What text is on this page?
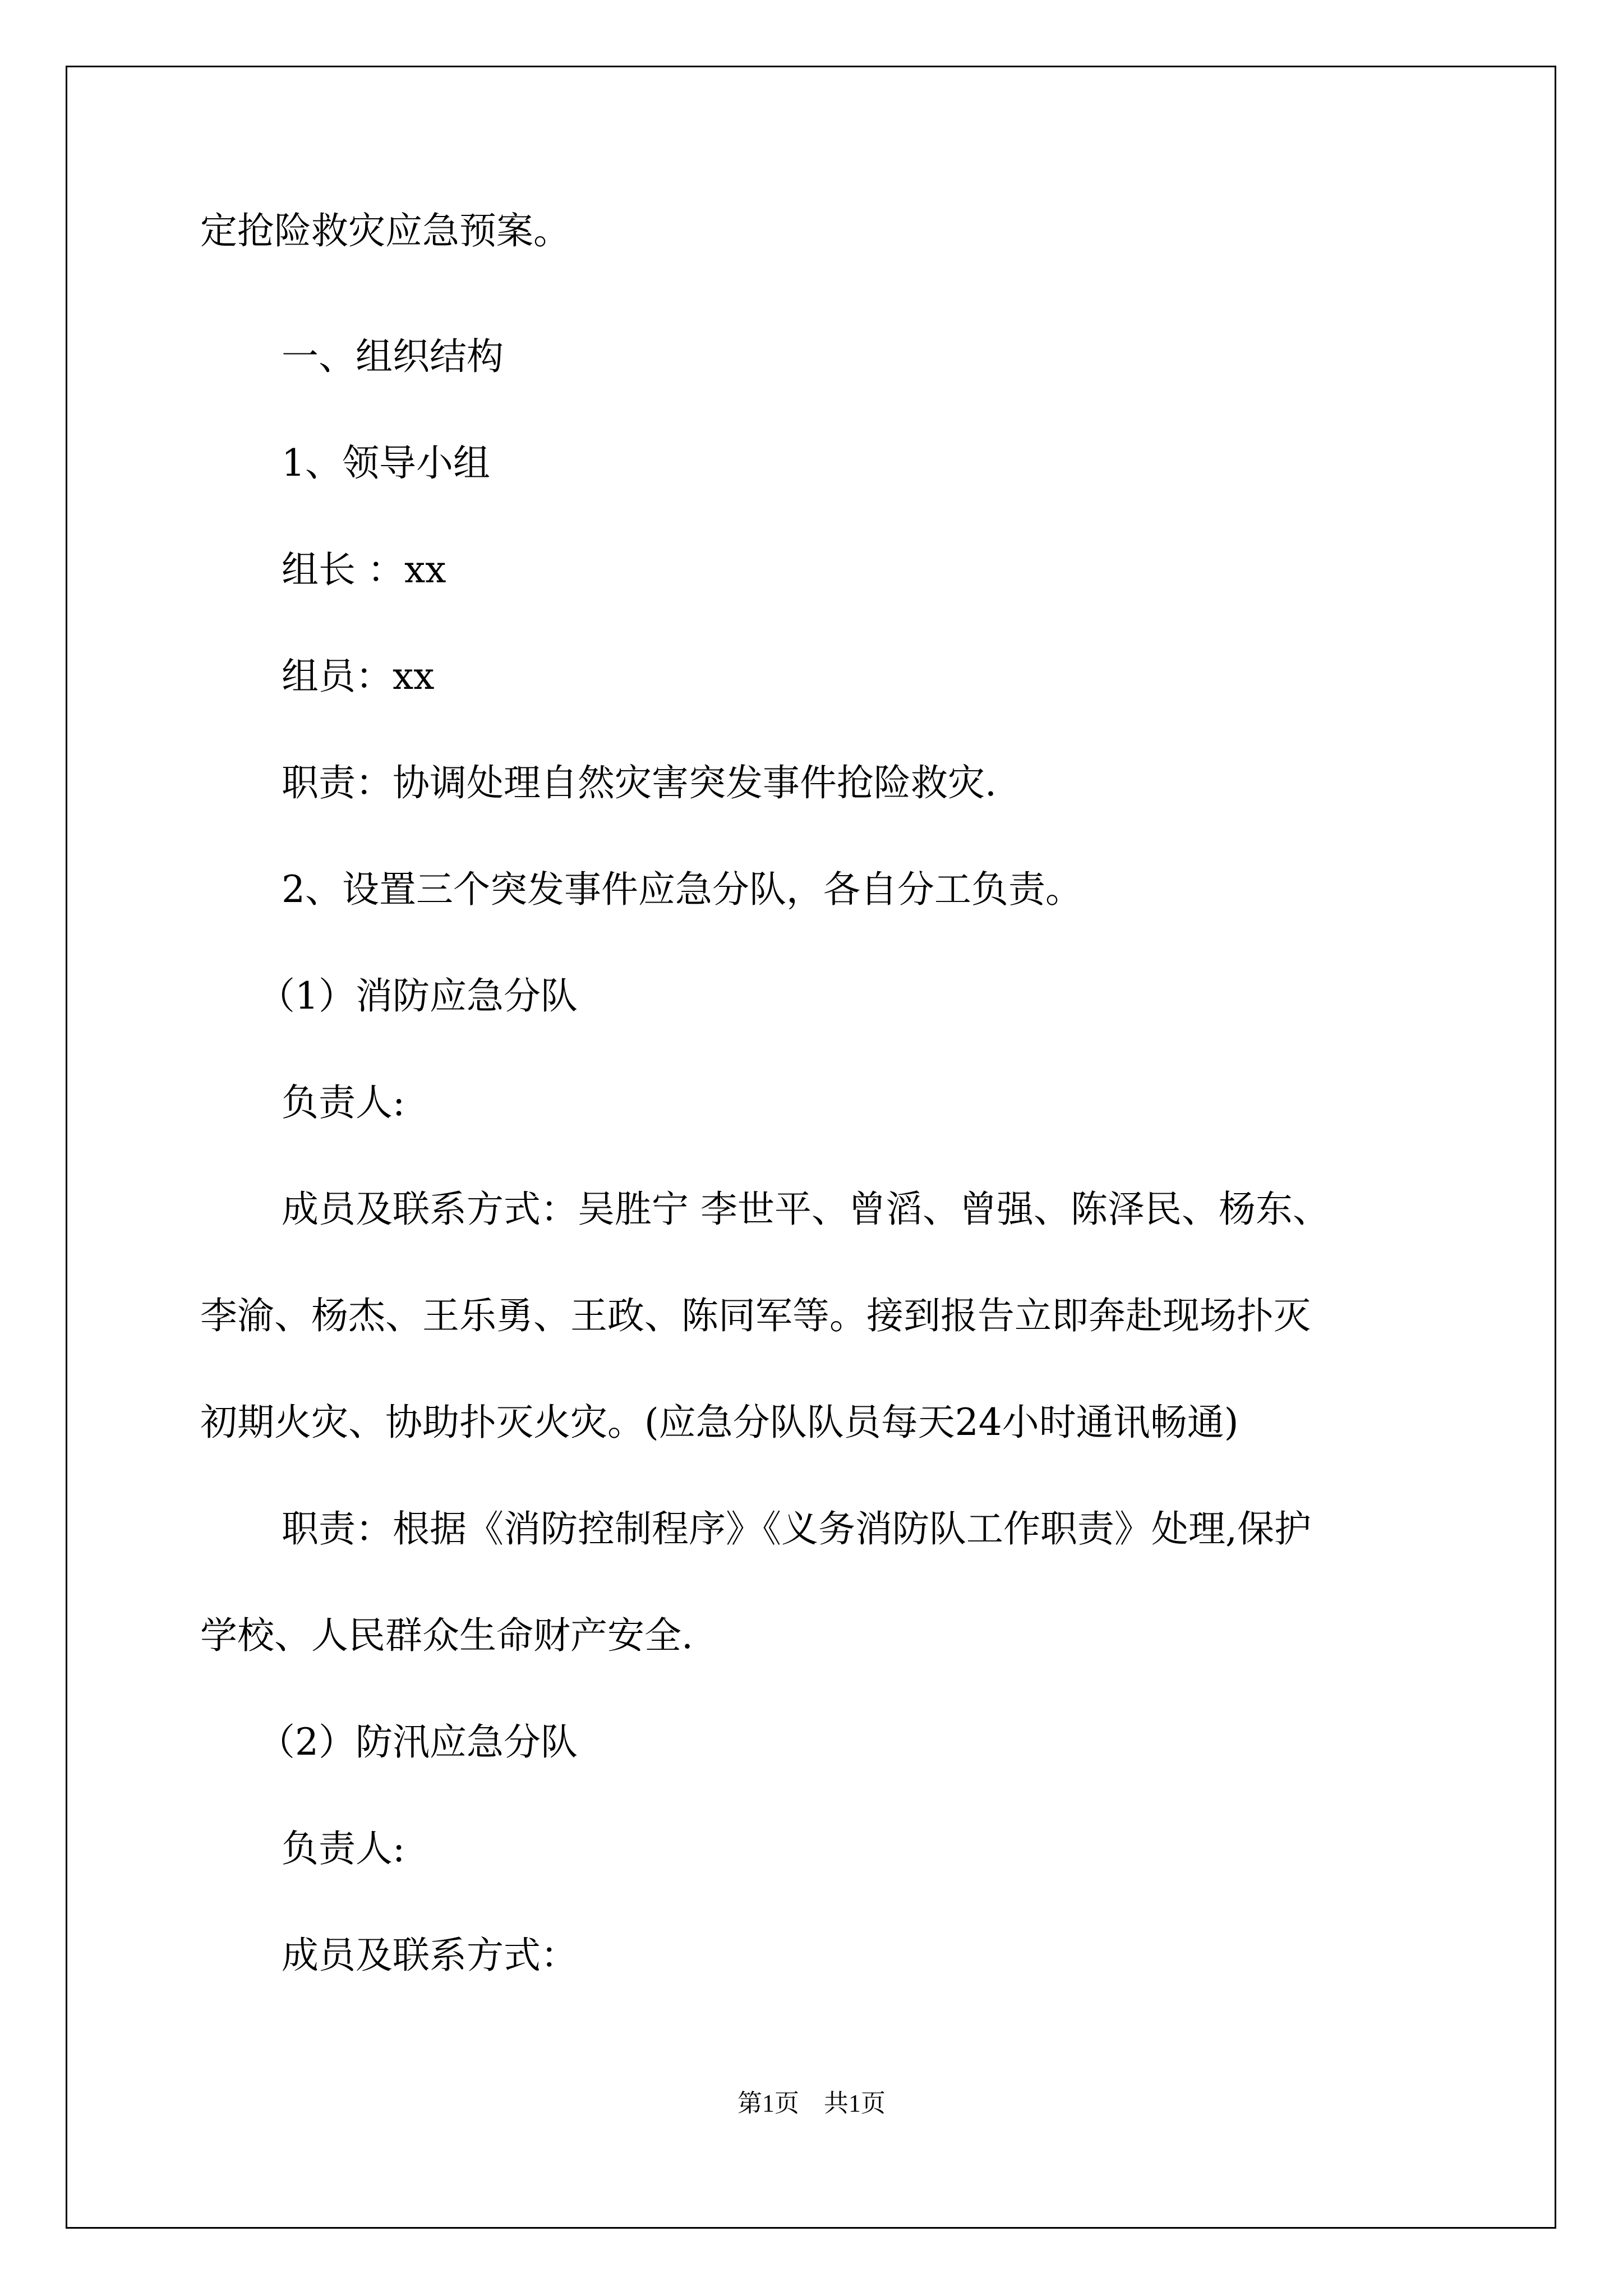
定抢险救灾应急预案。
一、组织结构
1、领导小组
组长 ：xx
组员：xx
职责：协调处理自然灾害突发事件抢险救灾.
2、设置三个突发事件应急分队，各自分工负责。
（1）消防应急分队
负责人:
成员及联系方式：吴胜宁 李世平、曾滔、曾强、陈泽民、杨东、
李渝、杨杰、王乐勇、王政、陈同军等。接到报告立即奔赴现场扑灭
初期火灾、协助扑灭火灾。(应急分队队员每天24小时通讯畅通)
职责：根据《消防控制程序》《义务消防队工作职责》处理,保护
学校、人民群众生命财产安全.
（2）防汛应急分队
负责人:
成员及联系方式：
第1页　共1页
